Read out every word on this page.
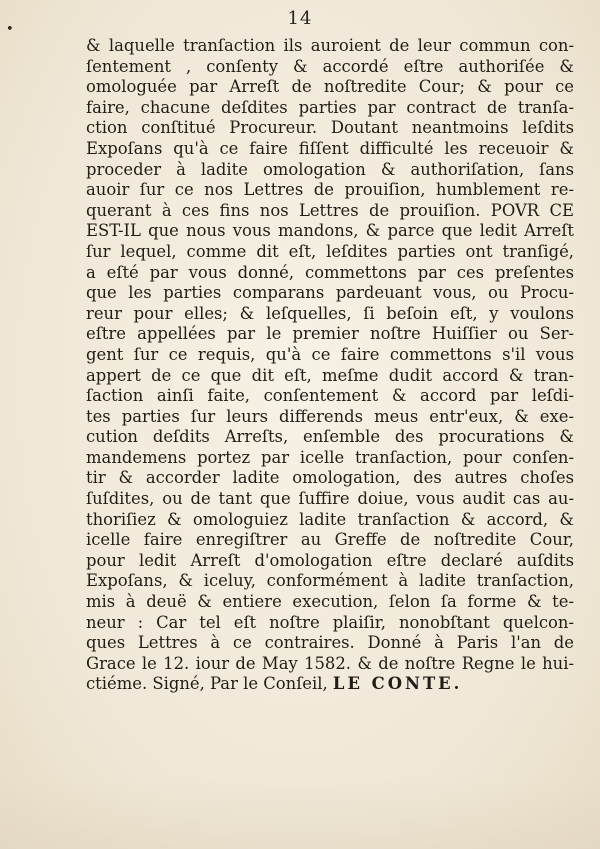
•
14
& laquelle tranſaction ils auroient de leur commun con-
ſentement , conſenty & accordé eſtre authoriſée &
omologuée par Arreſt de noſtredite Cour; & pour ce
faire, chacune deſdites parties par contract de tranſa-
ction conſtitué Procureur. Doutant neantmoins leſdits
Expoſans qu'à ce faire fiſſent difficulté les receuoir &
proceder à ladite omologation & authoriſation, ſans
auoir ſur ce nos Lettres de prouiſion, humblement re-
querant à ces fins nos Lettres de prouiſion. POVR CE
EST-IL que nous vous mandons, & parce que ledit Arreſt
ſur lequel, comme dit eſt, leſdites parties ont tranſigé,
a eſté par vous donné, commettons par ces preſentes
que les parties comparans pardeuant vous, ou Procu-
reur pour elles; & leſquelles, ſi beſoin eſt, y voulons
eſtre appellées par le premier noſtre Huiſſier ou Ser-
gent ſur ce requis, qu'à ce faire commettons s'il vous
appert de ce que dit eſt, meſme dudit accord & tran-
ſaction ainſi faite, conſentement & accord par leſdi-
tes parties ſur leurs differends meus entr'eux, & exe-
cution deſdits Arreſts, enſemble des procurations &
mandemens portez par icelle tranſaction, pour conſen-
tir & accorder ladite omologation, des autres choſes
ſuſdites, ou de tant que ſuffire doiue, vous audit cas au-
thoriſiez & omologuiez ladite tranſaction & accord, &
icelle faire enregiſtrer au Greffe de noſtredite Cour,
pour ledit Arreſt d'omologation eſtre declaré auſdits
Expoſans, & iceluy, conformément à ladite tranſaction,
mis à deuë & entiere execution, ſelon ſa forme & te-
neur : Car tel eſt noſtre plaiſir, nonobſtant quelcon-
ques Lettres à ce contraires. Donné à Paris l'an de
Grace le 12. iour de May 1582. & de noſtre Regne le hui-
ctiéme. Signé, Par le Conſeil, LE CONTE.
